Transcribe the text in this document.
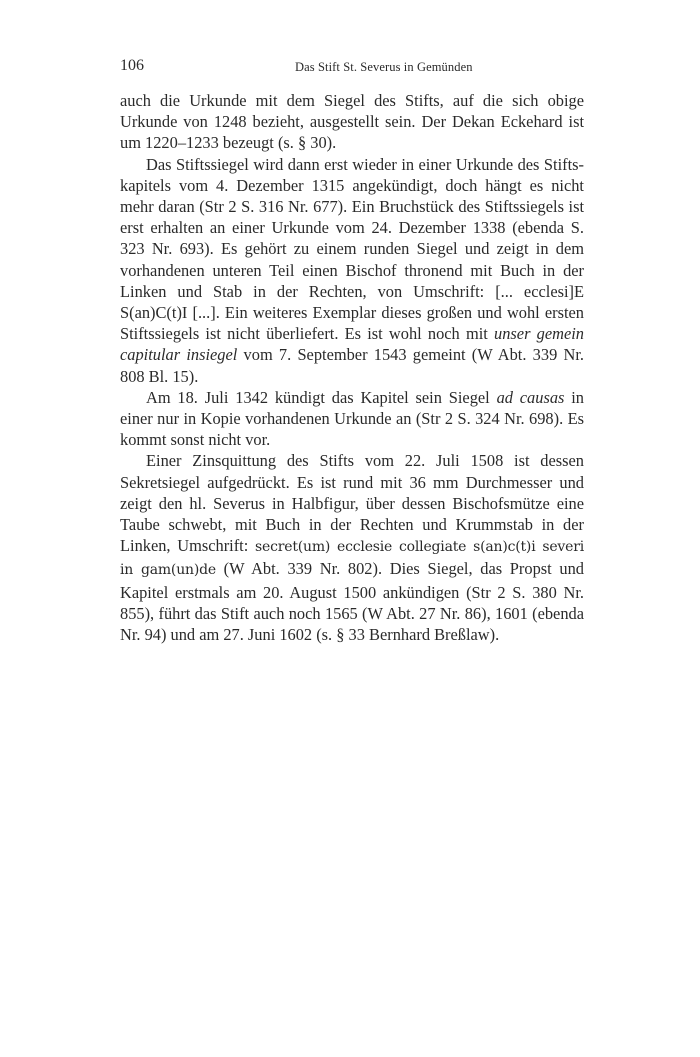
106	Das Stift St. Severus in Gemünden

auch die Urkunde mit dem Siegel des Stifts, auf die sich obige Urkunde von 1248 bezieht, ausgestellt sein. Der Dekan Eckehard ist um 1220–1233 bezeugt (s. § 30).

Das Stiftssiegel wird dann erst wieder in einer Urkunde des Stiftskapitels vom 4. Dezember 1315 angekündigt, doch hängt es nicht mehr daran (Str 2 S. 316 Nr. 677). Ein Bruchstück des Stiftssiegels ist erst erhalten an einer Urkunde vom 24. Dezember 1338 (ebenda S. 323 Nr. 693). Es gehört zu einem runden Siegel und zeigt in dem vorhandenen unteren Teil einen Bischof thronend mit Buch in der Linken und Stab in der Rechten, von Umschrift: [... ecclesi]E S(an)C(t)I [...]. Ein weiteres Exemplar dieses großen und wohl ersten Stiftssiegels ist nicht überliefert. Es ist wohl noch mit unser gemein capitular insiegel vom 7. September 1543 gemeint (W Abt. 339 Nr. 808 Bl. 15).

Am 18. Juli 1342 kündigt das Kapitel sein Siegel ad causas in einer nur in Kopie vorhandenen Urkunde an (Str 2 S. 324 Nr. 698). Es kommt sonst nicht vor.

Einer Zinsquittung des Stifts vom 22. Juli 1508 ist dessen Sekretsiegel aufgedrückt. Es ist rund mit 36 mm Durchmesser und zeigt den hl. Severus in Halbfigur, über dessen Bischofsmütze eine Taube schwebt, mit Buch in der Rechten und Krummstab in der Linken, Umschrift: secret(um) ecclesie collegiate s(an)c(t)i severi in gam(un)de (W Abt. 339 Nr. 802). Dies Siegel, das Propst und Kapitel erstmals am 20. August 1500 ankündigen (Str 2 S. 380 Nr. 855), führt das Stift auch noch 1565 (W Abt. 27 Nr. 86), 1601 (ebenda Nr. 94) und am 27. Juni 1602 (s. § 33 Bernhard Breßlaw).
